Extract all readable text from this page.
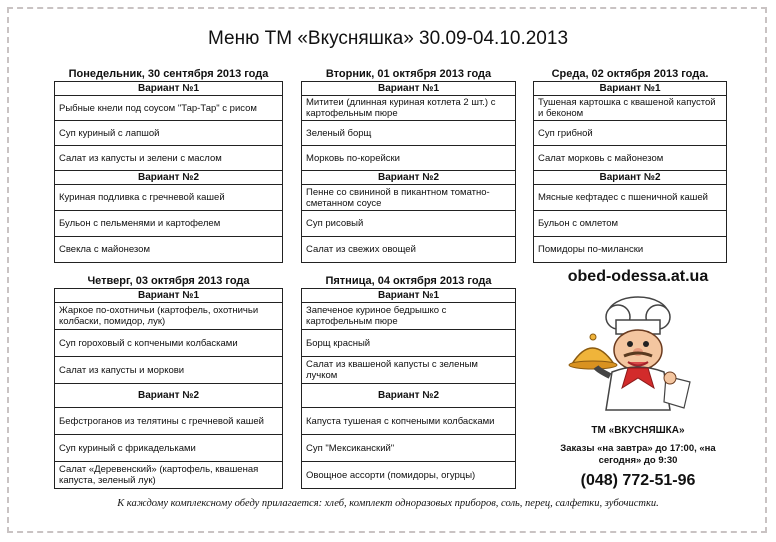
Меню ТМ «Вкусняшка» 30.09-04.10.2013
Понедельник, 30 сентября 2013 года
Вариант №1
Рыбные кнели под соусом "Тар-Тар" с рисом
Суп куриный с лапшой
Салат из капусты и зелени с маслом
Вариант №2
Куриная подливка с гречневой кашей
Бульон с пельменями и картофелем
Свекла с майонезом
Вторник, 01 октября 2013 года
Вариант №1
Мититеи (длинная куриная котлета 2 шт.) с картофельным пюре
Зеленый борщ
Морковь по-корейски
Вариант №2
Пенне со свининой в пикантном томатно-сметанном соусе
Суп рисовый
Салат из свежих овощей
Среда, 02 октября 2013 года.
Вариант №1
Тушеная картошка с квашеной капустой и беконом
Суп грибной
Салат морковь с майонезом
Вариант №2
Мясные кефтадес с пшеничной кашей
Бульон с омлетом
Помидоры по-милански
Четверг, 03 октября 2013 года
Вариант №1
Жаркое по-охотничьи (картофель, охотничьи колбаски, помидор, лук)
Суп гороховый с копчеными колбасками
Салат из капусты и моркови
Вариант №2
Бефстроганов из телятины с гречневой кашей
Суп куриный с фрикадельками
Салат «Деревенский» (картофель, квашеная капуста, зеленый лук)
Пятница, 04 октября 2013 года
Вариант №1
Запеченое куриное бедрышко с картофельным пюре
Борщ красный
Салат из квашеной капусты с зеленым лучком
Вариант №2
Капуста тушеная с копчеными колбасками
Суп "Мексиканский"
Овощное ассорти (помидоры, огурцы)
obed-odessa.at.ua
ТМ «ВКУСНЯШКА»
Заказы «на завтра» до 17:00, «на сегодня» до 9:30
(048) 772-51-96
К каждому комплексному обеду прилагается: хлеб, комплект одноразовых приборов, соль, перец, салфетки, зубочистки.
